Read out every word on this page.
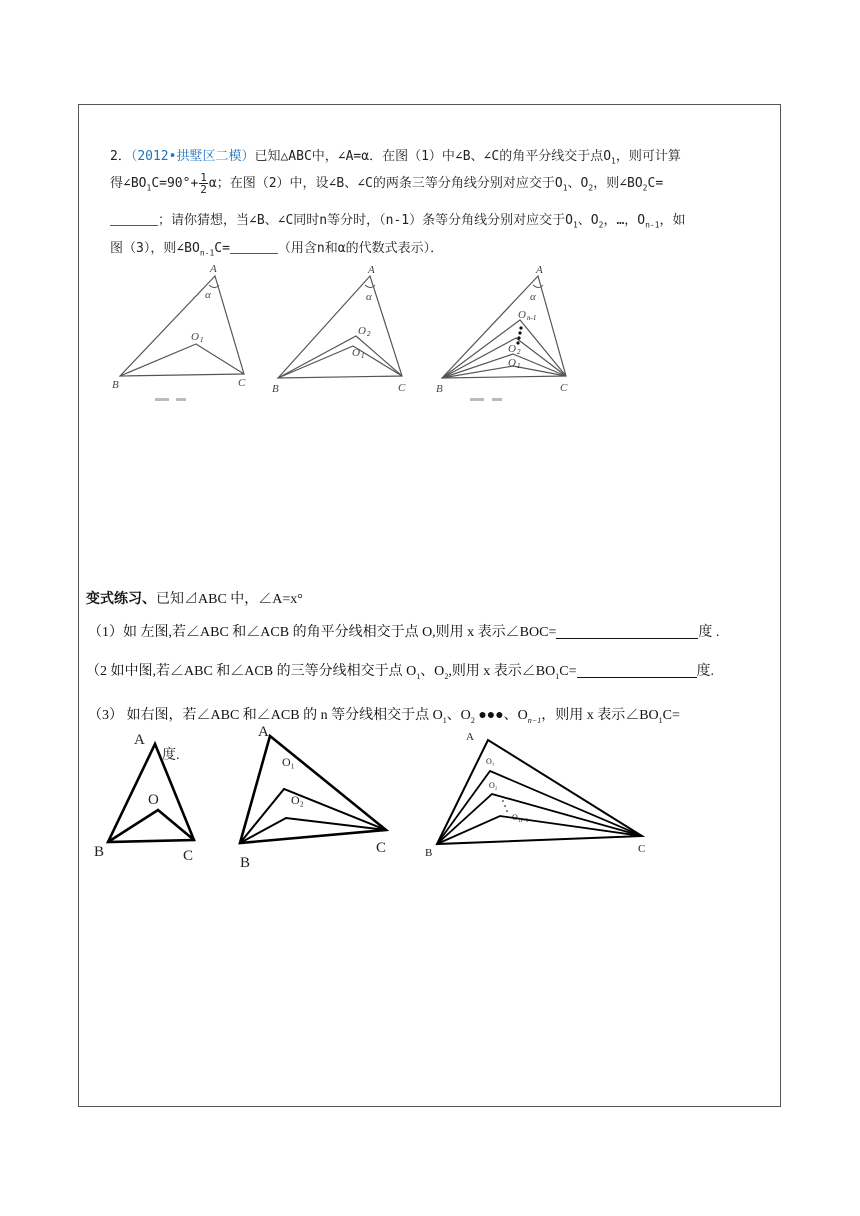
2．（2012•拱墅区二模）已知△ABC中，∠A=α．在图（1）中∠B、∠C的角平分线交于点$O_1$，则可计算
得$\angle BO_1C=90^\circ+ \frac{1}{2}$ α；在图（2）中，设∠B、∠C的两条三等分角线分别对应交于$O_1$、$O_2$，则$\angle BO_2C=$
；请你猜想，当∠B、∠C同时n等分时，（n-1）条等分角线分别对应交于$O_1$、$O_2$，…，$O_{n-1}$，如
图（3），则$\angle BO_{n-1}C=$	（用含n和α的代数式表示）．
A
α
O
B	C
A
α
O
O
B	C
A
α
O
O
O
B	C
1
2
1
n-1
2
1
变式练习、已知⊿ABC 中，∠A=x°
（1）如 左图,若∠ABC 和∠ACB 的角平分线相交于点 O,则用 x 表示∠BOC=	度 .
（2 如中图,若∠ABC 和∠ACB 的三等分线相交于点 $O_1$、$O_2$,则用 x 表示$\angle BO_1C=$	度.
（3） 如右图，若∠ABC 和∠ACB 的 n 等分线相交于点 $O_1$、$O_2$ ●●●、$O_{n-1}$，则用 x 表示$\angle BO_1C=$
A
度.
O
B	C
A
O₁
O₂
B
C
A
O₁
O₂
O
B	C
n−1
